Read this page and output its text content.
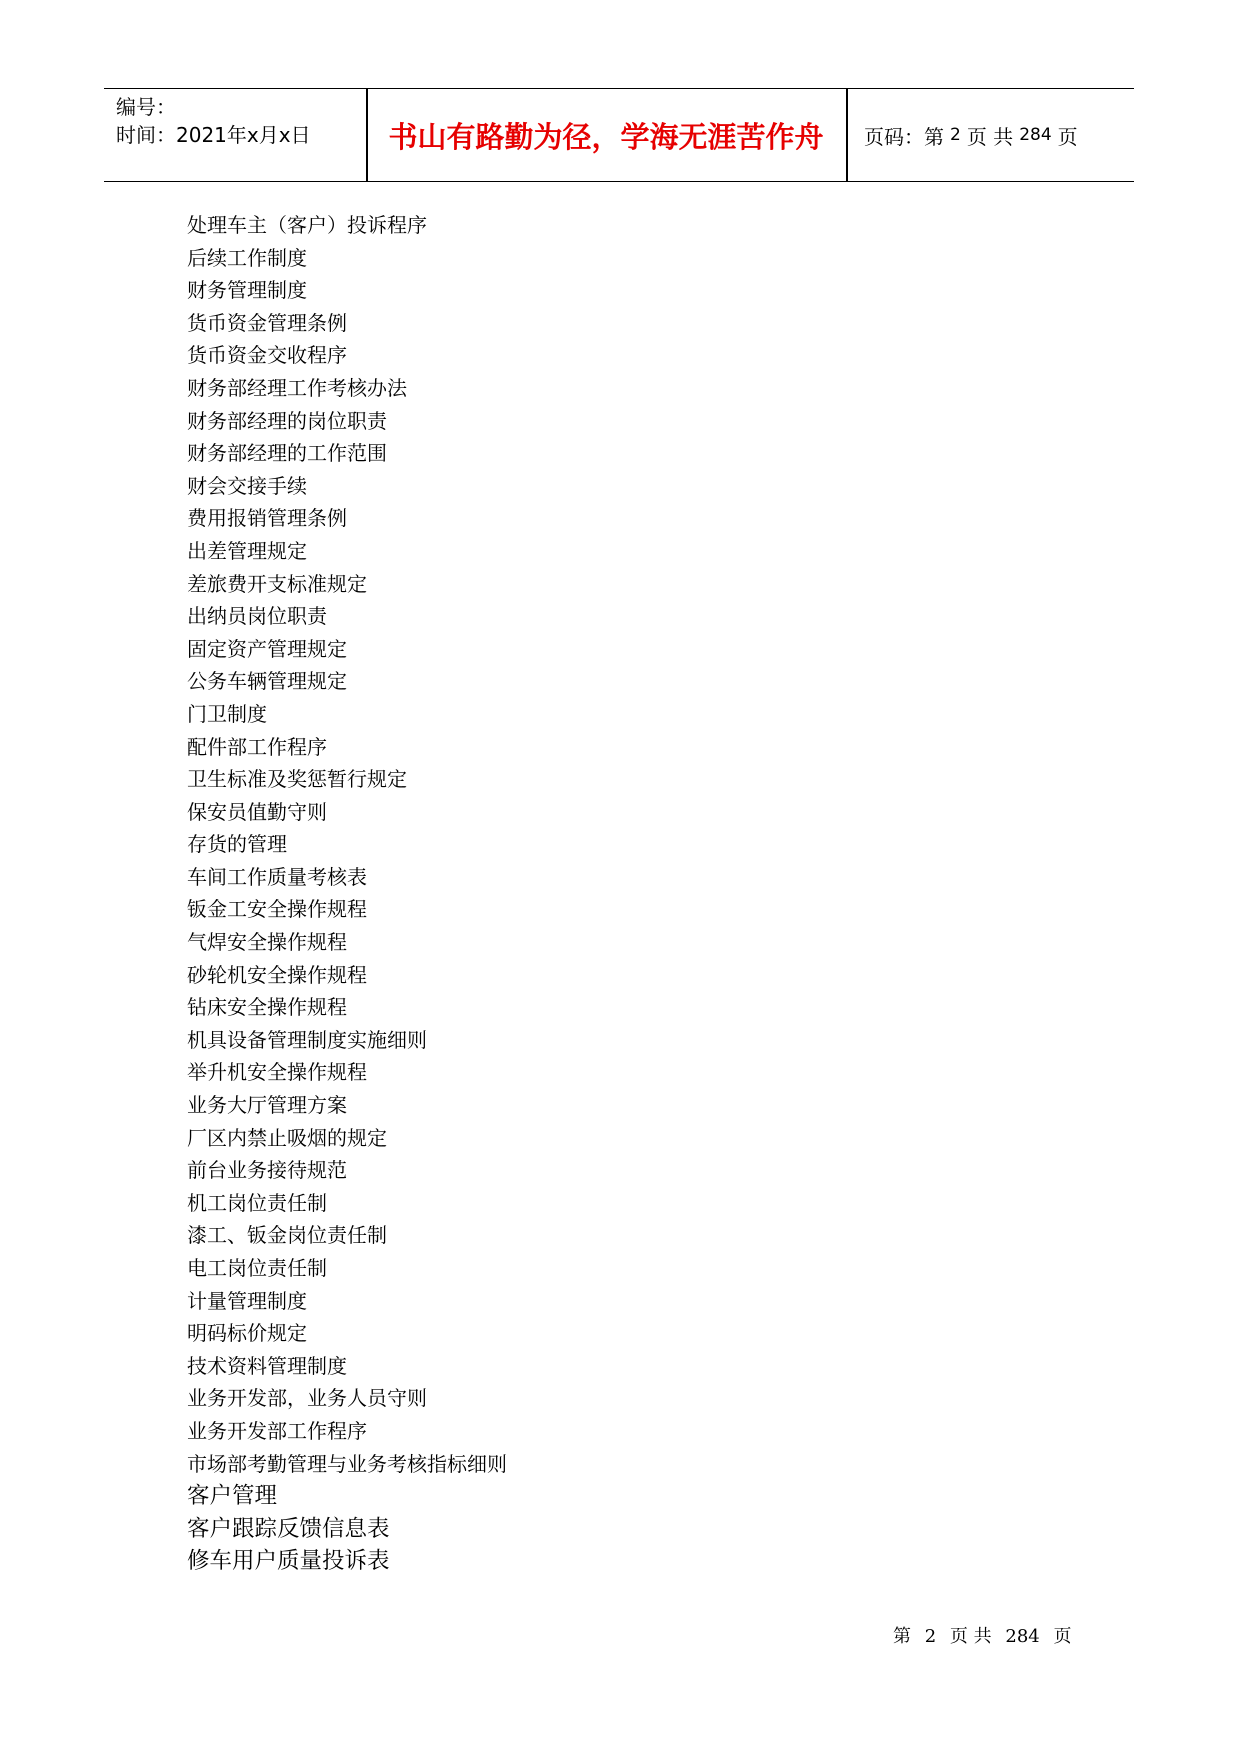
编号：
时间：2021年x月x日	书山有路勤为径，学海无涯苦作舟	页码：第 2 页 共 284 页
处理车主（客户）投诉程序
后续工作制度
财务管理制度
货币资金管理条例
货币资金交收程序
财务部经理工作考核办法
财务部经理的岗位职责
财务部经理的工作范围
财会交接手续
费用报销管理条例
出差管理规定
差旅费开支标准规定
出纳员岗位职责
固定资产管理规定
公务车辆管理规定
门卫制度
配件部工作程序
卫生标准及奖惩暂行规定
保安员值勤守则
存货的管理
车间工作质量考核表
钣金工安全操作规程
气焊安全操作规程
砂轮机安全操作规程
钻床安全操作规程
机具设备管理制度实施细则
举升机安全操作规程
业务大厅管理方案
厂区内禁止吸烟的规定
前台业务接待规范
机工岗位责任制
漆工、钣金岗位责任制
电工岗位责任制
计量管理制度
明码标价规定
技术资料管理制度
业务开发部，业务人员守则
业务开发部工作程序
市场部考勤管理与业务考核指标细则
客户管理
客户跟踪反馈信息表
修车用户质量投诉表
第 2 页 共 284 页
